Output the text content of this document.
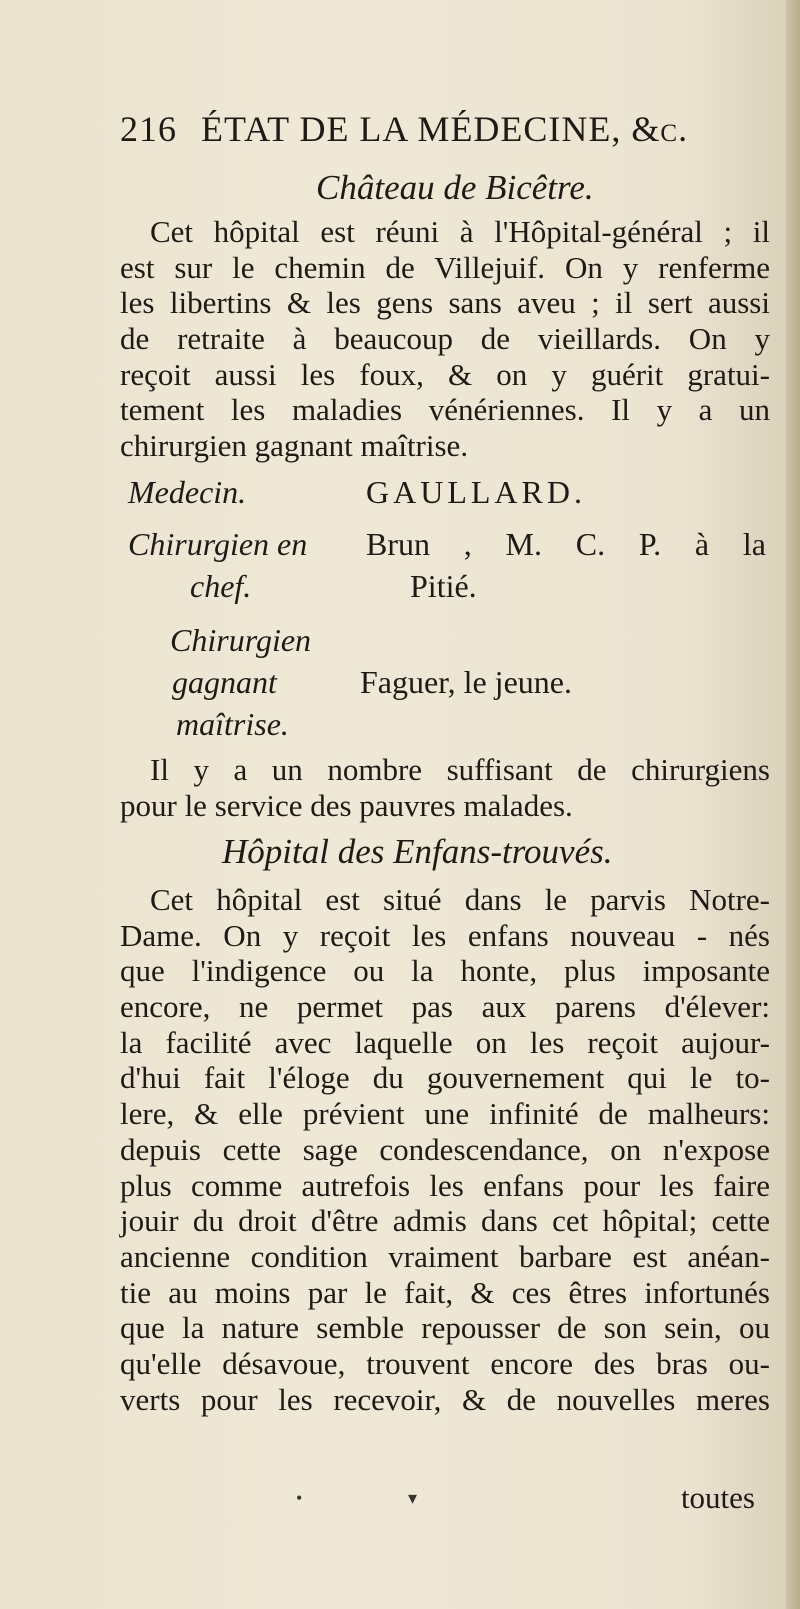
216 ÉTAT DE LA MÉDECINE, &c.
Château de Bicêtre.
Cet hôpital est réuni à l'Hôpital-général ; il
est sur le chemin de Villejuif. On y renferme
les libertins & les gens sans aveu ; il sert aussi
de retraite à beaucoup de vieillards. On y
reçoit aussi les foux, & on y guérit gratui-
tement les maladies vénériennes. Il y a un
chirurgien gagnant maîtrise.
Medecin.	GAULLARD.
Chirurgien en
chef.
Brun , M. C. P. à la
Pitié.
Chirurgien
gagnant
maîtrise.
Faguer, le jeune.
Il y a un nombre suffisant de chirurgiens
pour le service des pauvres malades.
Hôpital des Enfans-trouvés.
Cet hôpital est situé dans le parvis Notre-
Dame. On y reçoit les enfans nouveau - nés
que l'indigence ou la honte, plus imposante
encore, ne permet pas aux parens d'élever:
la facilité avec laquelle on les reçoit aujour-
d'hui fait l'éloge du gouvernement qui le to-
lere, & elle prévient une infinité de malheurs:
depuis cette sage condescendance, on n'expose
plus comme autrefois les enfans pour les faire
jouir du droit d'être admis dans cet hôpital; cette
ancienne condition vraiment barbare est anéan-
tie au moins par le fait, & ces êtres infortunés
que la nature semble repousser de son sein, ou
qu'elle désavoue, trouvent encore des bras ou-
verts pour les recevoir, & de nouvelles meres
toutes
•	▾
